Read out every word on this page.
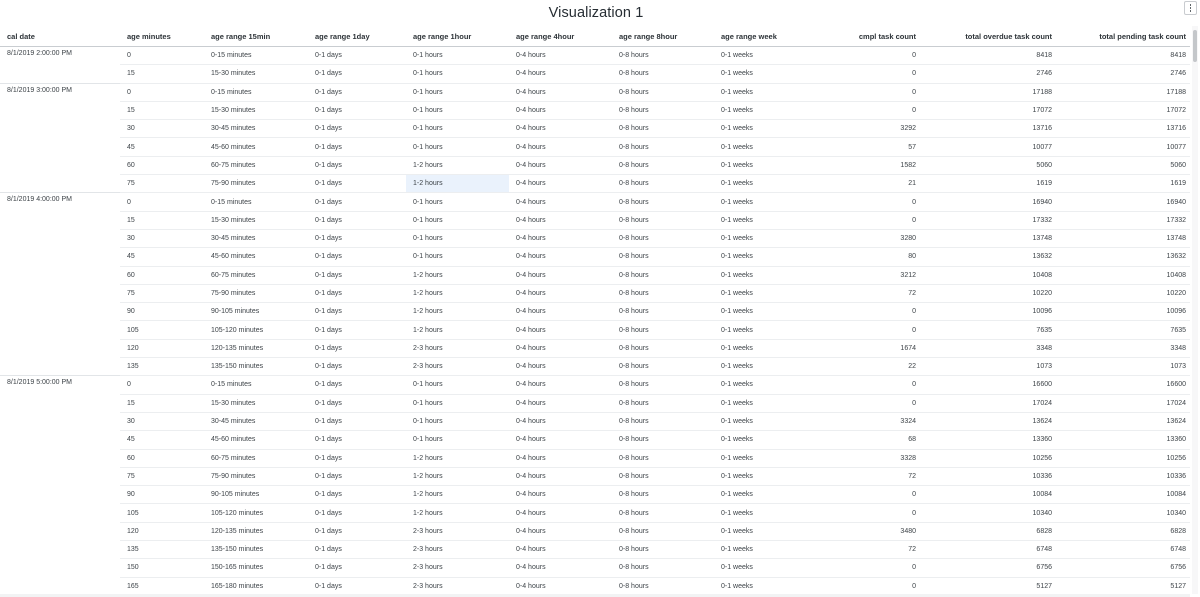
Visualization 1
cal date	age minutes	age range 15min	age range 1day	age range 1hour	age range 4hour	age range 8hour	age range week	cmpl task count	total overdue task count	total pending task count
8/1/2019 2:00:00 PM	0	0-15 minutes	0-1 days	0-1 hours	0-4 hours	0-8 hours	0-1 weeks	0	8418	8418
	15	15-30 minutes	0-1 days	0-1 hours	0-4 hours	0-8 hours	0-1 weeks	0	2746	2746
8/1/2019 3:00:00 PM	0	0-15 minutes	0-1 days	0-1 hours	0-4 hours	0-8 hours	0-1 weeks	0	17188	17188
	15	15-30 minutes	0-1 days	0-1 hours	0-4 hours	0-8 hours	0-1 weeks	0	17072	17072
	30	30-45 minutes	0-1 days	0-1 hours	0-4 hours	0-8 hours	0-1 weeks	3292	13716	13716
	45	45-60 minutes	0-1 days	0-1 hours	0-4 hours	0-8 hours	0-1 weeks	57	10077	10077
	60	60-75 minutes	0-1 days	1-2 hours	0-4 hours	0-8 hours	0-1 weeks	1582	5060	5060
	75	75-90 minutes	0-1 days	1-2 hours	0-4 hours	0-8 hours	0-1 weeks	21	1619	1619
8/1/2019 4:00:00 PM	0	0-15 minutes	0-1 days	0-1 hours	0-4 hours	0-8 hours	0-1 weeks	0	16940	16940
	15	15-30 minutes	0-1 days	0-1 hours	0-4 hours	0-8 hours	0-1 weeks	0	17332	17332
	30	30-45 minutes	0-1 days	0-1 hours	0-4 hours	0-8 hours	0-1 weeks	3280	13748	13748
	45	45-60 minutes	0-1 days	0-1 hours	0-4 hours	0-8 hours	0-1 weeks	80	13632	13632
	60	60-75 minutes	0-1 days	1-2 hours	0-4 hours	0-8 hours	0-1 weeks	3212	10408	10408
	75	75-90 minutes	0-1 days	1-2 hours	0-4 hours	0-8 hours	0-1 weeks	72	10220	10220
	90	90-105 minutes	0-1 days	1-2 hours	0-4 hours	0-8 hours	0-1 weeks	0	10096	10096
	105	105-120 minutes	0-1 days	1-2 hours	0-4 hours	0-8 hours	0-1 weeks	0	7635	7635
	120	120-135 minutes	0-1 days	2-3 hours	0-4 hours	0-8 hours	0-1 weeks	1674	3348	3348
	135	135-150 minutes	0-1 days	2-3 hours	0-4 hours	0-8 hours	0-1 weeks	22	1073	1073
8/1/2019 5:00:00 PM	0	0-15 minutes	0-1 days	0-1 hours	0-4 hours	0-8 hours	0-1 weeks	0	16600	16600
	15	15-30 minutes	0-1 days	0-1 hours	0-4 hours	0-8 hours	0-1 weeks	0	17024	17024
	30	30-45 minutes	0-1 days	0-1 hours	0-4 hours	0-8 hours	0-1 weeks	3324	13624	13624
	45	45-60 minutes	0-1 days	0-1 hours	0-4 hours	0-8 hours	0-1 weeks	68	13360	13360
	60	60-75 minutes	0-1 days	1-2 hours	0-4 hours	0-8 hours	0-1 weeks	3328	10256	10256
	75	75-90 minutes	0-1 days	1-2 hours	0-4 hours	0-8 hours	0-1 weeks	72	10336	10336
	90	90-105 minutes	0-1 days	1-2 hours	0-4 hours	0-8 hours	0-1 weeks	0	10084	10084
	105	105-120 minutes	0-1 days	1-2 hours	0-4 hours	0-8 hours	0-1 weeks	0	10340	10340
	120	120-135 minutes	0-1 days	2-3 hours	0-4 hours	0-8 hours	0-1 weeks	3480	6828	6828
	135	135-150 minutes	0-1 days	2-3 hours	0-4 hours	0-8 hours	0-1 weeks	72	6748	6748
	150	150-165 minutes	0-1 days	2-3 hours	0-4 hours	0-8 hours	0-1 weeks	0	6756	6756
	165	165-180 minutes	0-1 days	2-3 hours	0-4 hours	0-8 hours	0-1 weeks	0	5127	5127
